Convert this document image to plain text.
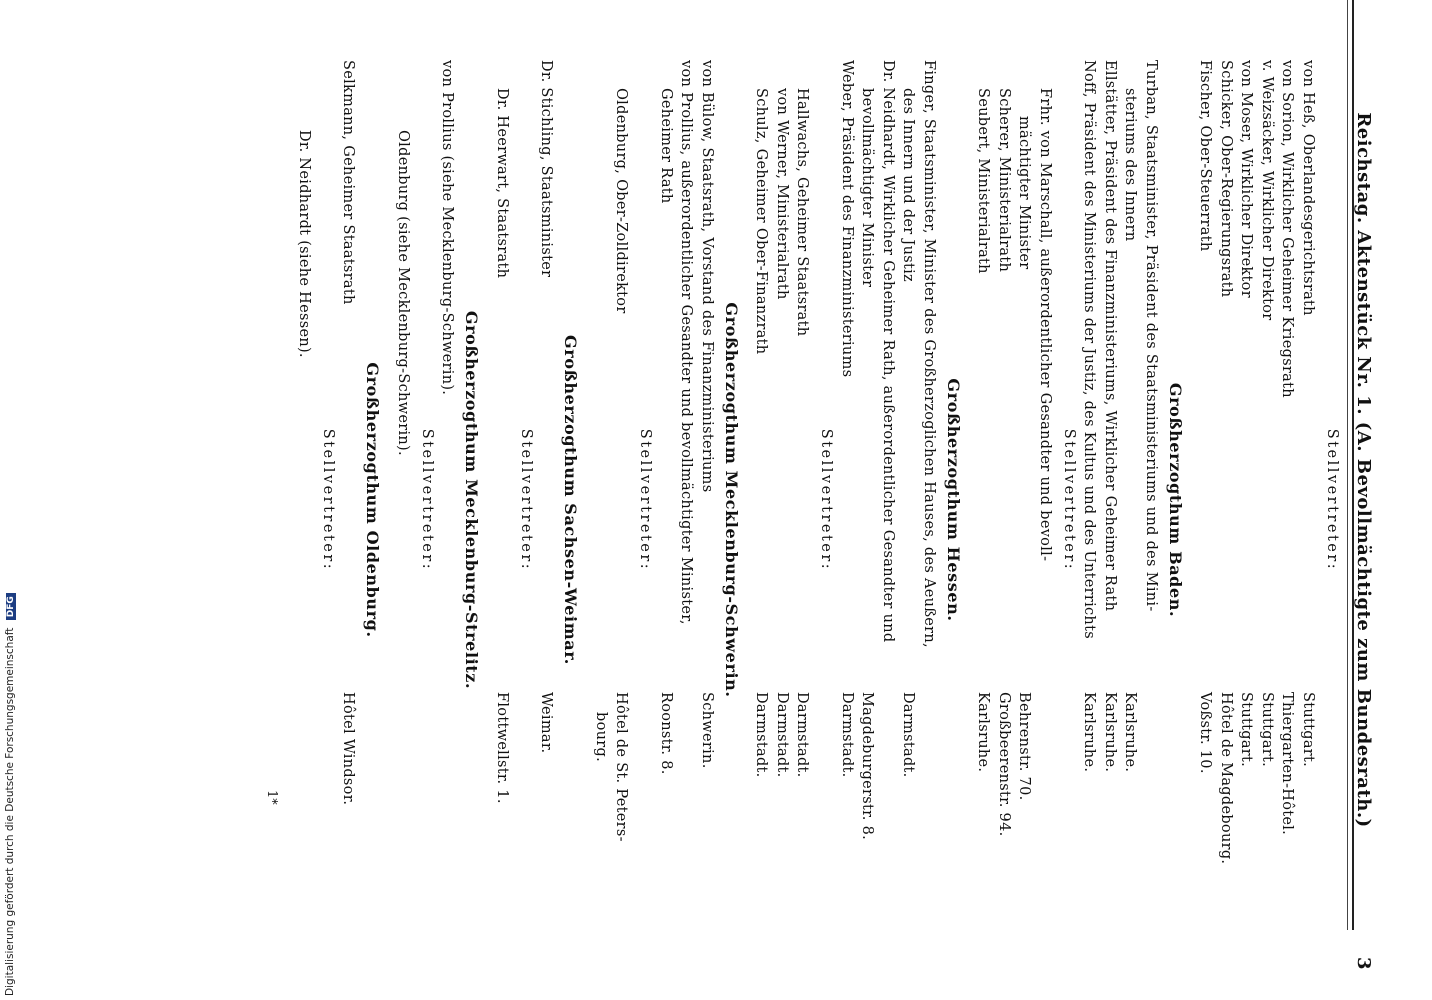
Reichstag. Aktenstück Nr. 1. (A. Bevollmächtigte zum Bundesrath.)
3
Stellvertreter:
von Heß, Oberlandesgerichtsrath
Stuttgart.
von Sorion, Wirklicher Geheimer Kriegsrath
Thiergarten-Hôtel.
v. Weizsäcker, Wirklicher Direktor
Stuttgart.
von Moser, Wirklicher Direktor
Stuttgart.
Schicker, Ober-Regierungsrath
Hôtel de Magdebourg.
Fischer, Ober-Steuerrath
Voßstr. 10.
Großherzogthum Baden.
Turban, Staatsminister, Präsident des Staatsministeriums und des Mini-
steriums des Innern
Karlsruhe.
Ellstätter, Präsident des Finanzministeriums, Wirklicher Geheimer Rath
Karlsruhe.
Noff, Präsident des Ministeriums der Justiz, des Kultus und des Unterrichts
Karlsruhe.
Stellvertreter:
Frhr. von Marschall, außerordentlicher Gesandter und bevoll-
mächtigter Minister
Behrenstr. 70.
Scherer, Ministerialrath
Großbeerenstr. 94.
Seubert, Ministerialrath
Karlsruhe.
Großherzogthum Hessen.
Finger, Staatsminister, Minister des Großherzoglichen Hauses, des Aeußern,
des Innern und der Justiz
Darmstadt.
Dr. Neidhardt, Wirklicher Geheimer Rath, außerordentlicher Gesandter und
bevollmächtigter Minister
Magdeburgerstr. 8.
Weber, Präsident des Finanzministeriums
Darmstadt.
Stellvertreter:
Hallwachs, Geheimer Staatsrath
Darmstadt.
von Werner, Ministerialrath
Darmstadt.
Schulz, Geheimer Ober-Finanzrath
Darmstadt.
Großherzogthum Mecklenburg-Schwerin.
von Bülow, Staatsrath, Vorstand des Finanzministeriums
Schwerin.
von Prollius, außerordentlicher Gesandter und bevollmächtigter Minister,
Geheimer Rath
Roonstr. 8.
Stellvertreter:
Oldenburg, Ober-Zolldirektor
Hôtel de St. Peters-
bourg.
Großherzogthum Sachsen-Weimar.
Dr. Stichling, Staatsminister
Weimar.
Stellvertreter:
Dr. Heerwart, Staatsrath
Flottwellstr. 1.
Großherzogthum Mecklenburg-Strelitz.
von Prollius (siehe Mecklenburg-Schwerin).
Stellvertreter:
Oldenburg (siehe Mecklenburg-Schwerin).
Großherzogthum Oldenburg.
Selkmann, Geheimer Staatsrath
Hôtel Windsor.
Stellvertreter:
Dr. Neidhardt (siehe Hessen).
1*
Digitalisierung gefördert durch die Deutsche Forschungsgemeinschaft DFG
